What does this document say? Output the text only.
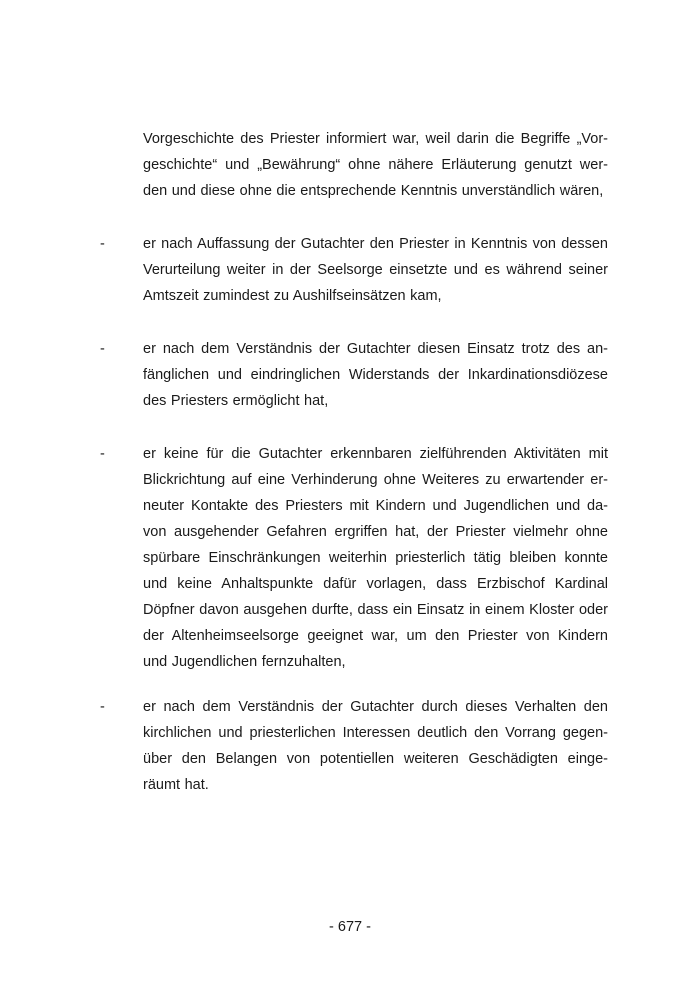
Vorgeschichte des Priester informiert war, weil darin die Begriffe „Vor-
geschichte“ und „Bewährung“ ohne nähere Erläuterung genutzt wer-
den und diese ohne die entsprechende Kenntnis unverständlich wären,
-	er nach Auffassung der Gutachter den Priester in Kenntnis von dessen
Verurteilung weiter in der Seelsorge einsetzte und es während seiner
Amtszeit zumindest zu Aushilfseinsätzen kam,
-	er nach dem Verständnis der Gutachter diesen Einsatz trotz des an-
fänglichen und eindringlichen Widerstands der Inkardinationsdiözese
des Priesters ermöglicht hat,
-	er keine für die Gutachter erkennbaren zielführenden Aktivitäten mit
Blickrichtung auf eine Verhinderung ohne Weiteres zu erwartender er-
neuter Kontakte des Priesters mit Kindern und Jugendlichen und da-
von ausgehender Gefahren ergriffen hat, der Priester vielmehr ohne
spürbare Einschränkungen weiterhin priesterlich tätig bleiben konnte
und keine Anhaltspunkte dafür vorlagen, dass Erzbischof Kardinal
Döpfner davon ausgehen durfte, dass ein Einsatz in einem Kloster oder
der Altenheimseelsorge geeignet war, um den Priester von Kindern
und Jugendlichen fernzuhalten,
-	er nach dem Verständnis der Gutachter durch dieses Verhalten den
kirchlichen und priesterlichen Interessen deutlich den Vorrang gegen-
über den Belangen von potentiellen weiteren Geschädigten einge-
räumt hat.
- 677 -
